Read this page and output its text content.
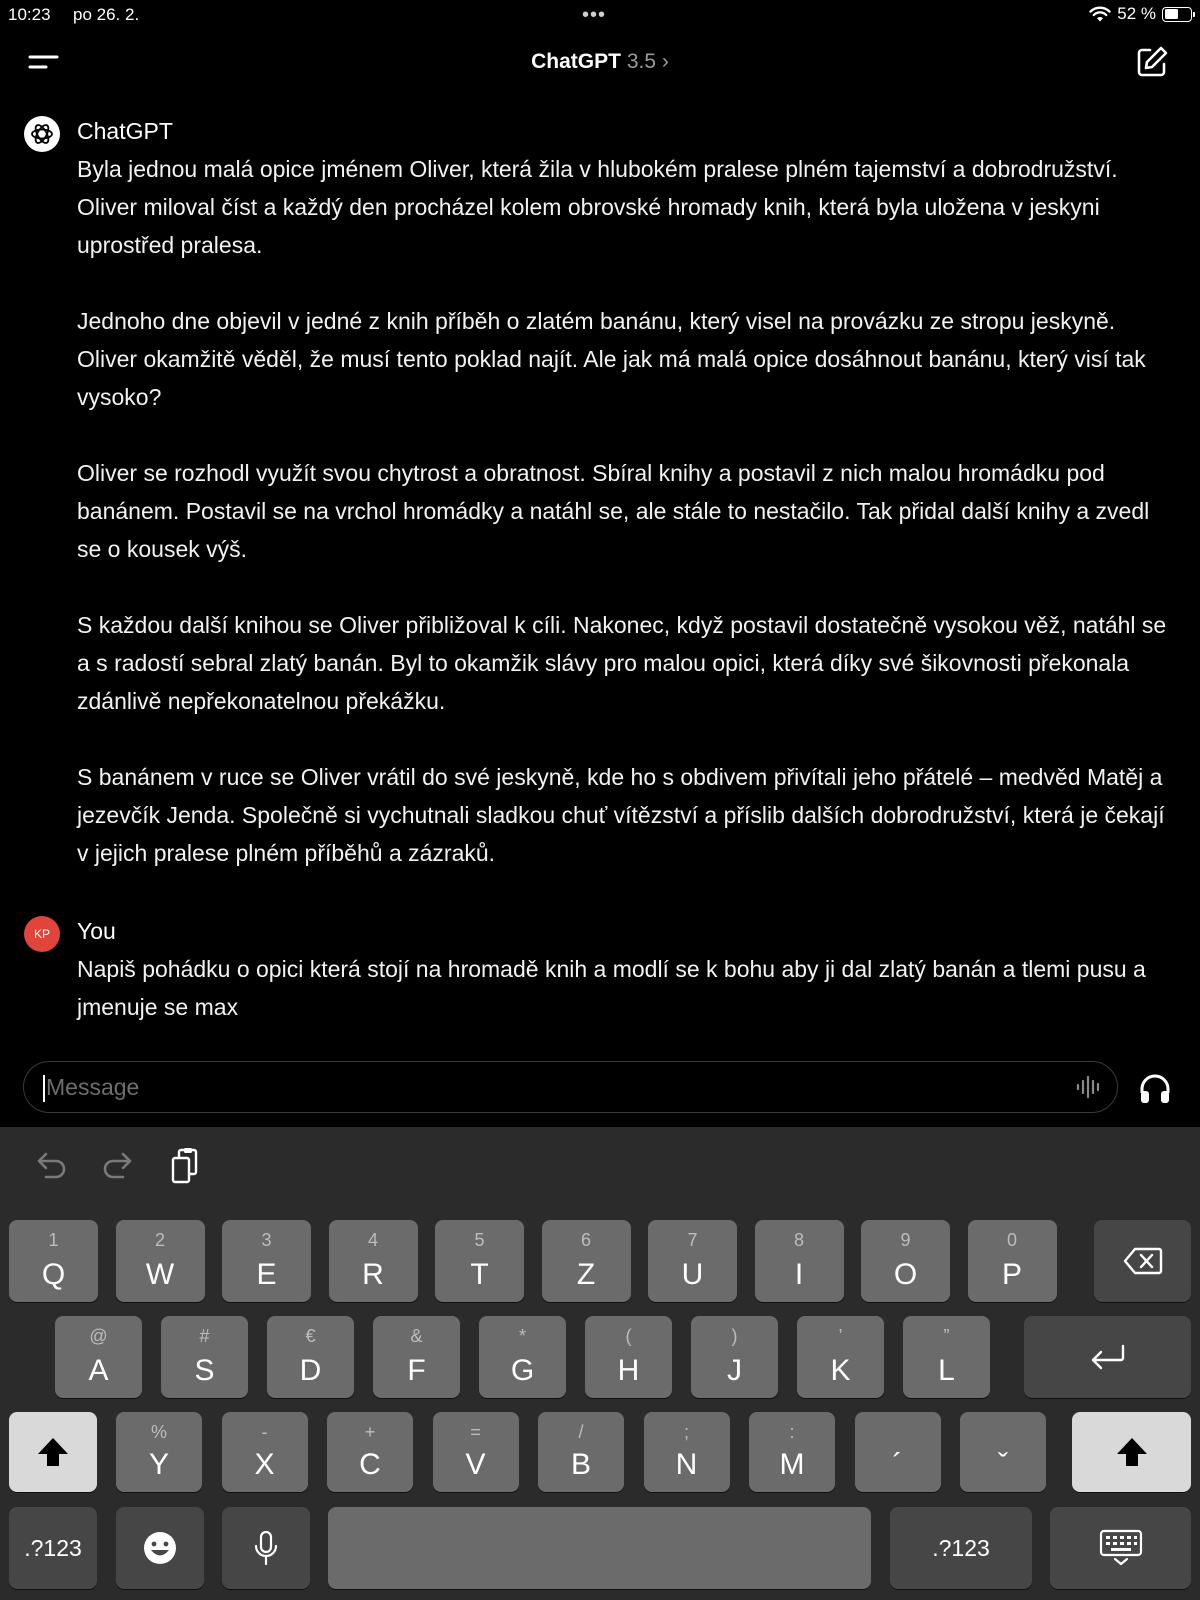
10:23 po 26. 2.	•••	52 %
ChatGPT 3.5 ›
ChatGPT

Byla jednou malá opice jménem Oliver, která žila v hlubokém pralese plném tajemství a dobrodružství. Oliver miloval číst a každý den procházel kolem obrovské hromady knih, která byla uložena v jeskyni uprostřed pralesa.

Jednoho dne objevil v jedné z knih příběh o zlatém banánu, který visel na provázku ze stropu jeskyně. Oliver okamžitě věděl, že musí tento poklad najít. Ale jak má malá opice dosáhnout banánu, který visí tak vysoko?

Oliver se rozhodl využít svou chytrost a obratnost. Sbíral knihy a postavil z nich malou hromádku pod banánem. Postavil se na vrchol hromádky a natáhl se, ale stále to nestačilo. Tak přidal další knihy a zvedl se o kousek výš.

S každou další knihou se Oliver přibližoval k cíli. Nakonec, když postavil dostatečně vysokou věž, natáhl se a s radostí sebral zlatý banán. Byl to okamžik slávy pro malou opici, která díky své šikovnosti překonala zdánlivě nepřekonatelnou překážku.

S banánem v ruce se Oliver vrátil do své jeskyně, kde ho s obdivem přivítali jeho přátelé – medvěd Matěj a jezevčík Jenda. Společně si vychutnali sladkou chuť vítězství a příslib dalších dobrodružství, která je čekají v jejich pralese plném příběhů a zázraků.

KP	You

Napiš pohádku o opici která stojí na hromadě knih a modlí se k bohu aby ji dal zlatý banán a tlemi pusu a jmenuje se max

Message
.?123	.?123
1
Q
2
W
3
E
4
R
5
T
6
Z
7
U
8
I
9
O
0
P
@
A
#
S
€
D
&
F
*
G
(
H
)
J
’
K
”
L
%
Y
-
X
+
C
=
V
/
B
;
N
:
M	´	ˇ
